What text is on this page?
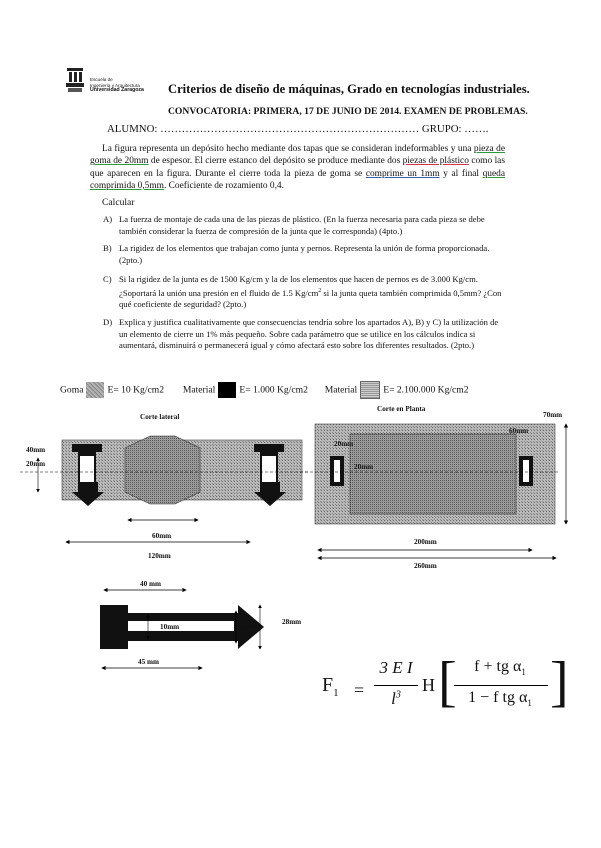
Escuela de
Ingeniería y Arquitectura
Universidad Zaragoza Criterios de diseño de máquinas, Grado en tecnologías industriales.
CONVOCATORIA: PRIMERA, 17 DE JUNIO DE 2014. EXAMEN DE PROBLEMAS.
ALUMNO: ……………………………………………………………… GRUPO: …….
La figura representa un depósito hecho mediante dos tapas que se consideran indeformables y una pieza de goma de 20mm de espesor. El cierre estanco del depósito se produce mediante dos piezas de plástico como las que aparecen en la figura. Durante el cierre toda la pieza de goma se comprime un 1mm y al final queda comprimida 0,5mm. Coeficiente de rozamiento 0,4.
Calcular
A) La fuerza de montaje de cada una de las piezas de plástico. (En la fuerza necesaria para cada pieza se debe también considerar la fuerza de compresión de la junta que le corresponda) (4pto.)
B) La rigidez de los elementos que trabajan como junta y pernos. Representa la unión de forma proporcionada. (2pto.)
C) Si la rigidez de la junta es de 1500 Kg/cm y la de los elementos que hacen de pernos es de 3.000 Kg/cm. ¿Soportará la unión una presión en el fluido de 1.5 $Kg/cm^2$ si la junta queta también comprimida 0,5mm? ¿Con qué coeficiente de seguridad? (2pto.)
D) Explica y justifica cualitativamente que consecuencias tendría sobre los apartados A), B) y C) la utilización de un elemento de cierre un 1% más pequeño. Sobre cada parámetro que se utilice en los cálculos indica si aumentará, disminuirá o permanecerá igual y cómo afectará esto sobre los diferentes resultados. (2pto.)
Goma	E= 10 Kg/cm2 Material	E= 1.000 Kg/cm2 Material	E= 2.100.000 Kg/cm2
Corte lateral
Corte en Planta
40mm
20mm
60mm
120mm
20mm
20mm
60mm
70mm
200mm
260mm
40 mm
10mm	20mm
28mm
45 mm
$F_1$ =
3 E I
$l^3$	H [	f + tg $\alpha_1$
1 − f tg $\alpha_1$ ]
